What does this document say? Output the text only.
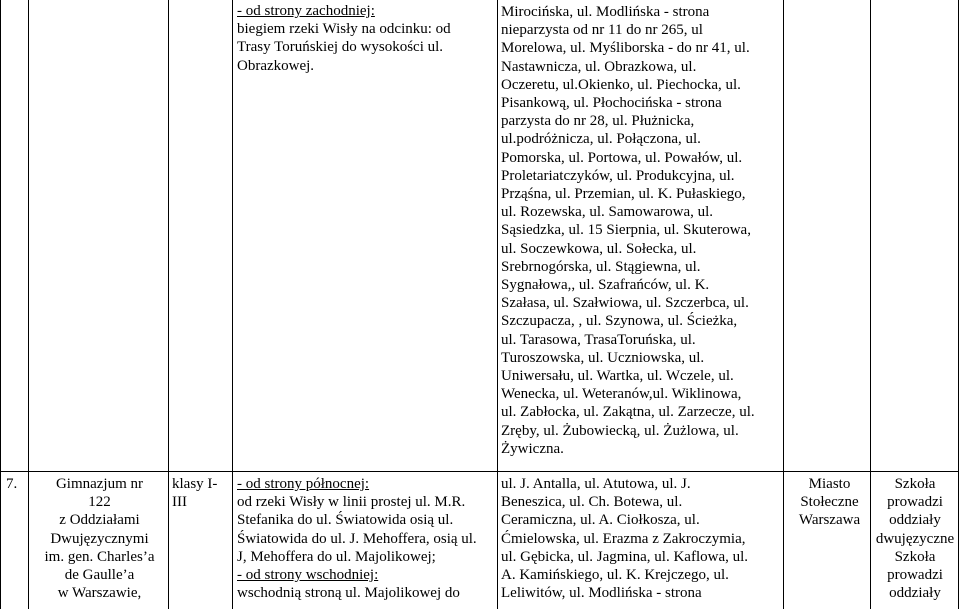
- od strony zachodniej:
biegiem rzeki Wisły na odcinku: od
Trasy Toruńskiej do wysokości ul.
Obrazkowej.
Mirocińska, ul. Modlińska - strona
nieparzysta od nr 11 do nr 265, ul
Morelowa, ul. Myśliborska - do nr 41, ul.
Nastawnicza, ul. Obrazkowa, ul.
Oczeretu, ul.Okienko, ul. Piechocka, ul.
Pisankową, ul. Płochocińska - strona
parzysta do nr 28, ul. Płużnicka,
ul.podróżnicza, ul. Połączona, ul.
Pomorska, ul. Portowa, ul. Powałów, ul.
Proletariatczyków, ul. Produkcyjna, ul.
Prząśna, ul. Przemian, ul. K. Pułaskiego,
ul. Rozewska, ul. Samowarowa, ul.
Sąsiedzka, ul. 15 Sierpnia, ul. Skuterowa,
ul. Soczewkowa, ul. Sołecka, ul.
Srebrnogórska, ul. Stągiewna, ul.
Sygnałowa,, ul. Szafrańców, ul. K.
Szałasa, ul. Szałwiowa, ul. Szczerbca, ul.
Szczupacza, , ul. Szynowa, ul. Ścieżka,
ul. Tarasowa, TrasaToruńska, ul.
Turoszowska, ul. Uczniowska, ul.
Uniwersału, ul. Wartka, ul. Wczele, ul.
Wenecka, ul. Weteranów,ul. Wiklinowa,
ul. Zabłocka, ul. Zakątna, ul. Zarzecze, ul.
Zręby, ul. Żubowiecką, ul. Żużlowa, ul.
Żywiczna.
7.	Gimnazjum nr
122
z Oddziałami
Dwujęzycznymi
im. gen. Charles’a
de Gaulle’a
w Warszawie,
klasy I-
III
- od strony północnej:
od rzeki Wisły w linii prostej ul. M.R.
Stefanika do ul. Światowida osią ul.
Światowida do ul. J. Mehoffera, osią ul.
J, Mehoffera do ul. Majolikowej;
- od strony wschodniej:
wschodnią stroną ul. Majolikowej do
ul. J. Antalla, ul. Atutowa, ul. J.
Beneszica, ul. Ch. Botewa, ul.
Ceramiczna, ul. A. Ciołkosza, ul.
Ćmielowska, ul. Erazma z Zakroczymia,
ul. Gębicka, ul. Jagmina, ul. Kaflowa, ul.
A. Kamińskiego, ul. K. Krejczego, ul.
Leliwitów, ul. Modlińska - strona
Miasto
Stołeczne
Warszawa
Szkoła
prowadzi
oddziały
dwujęzyczne
Szkoła
prowadzi
oddziały
